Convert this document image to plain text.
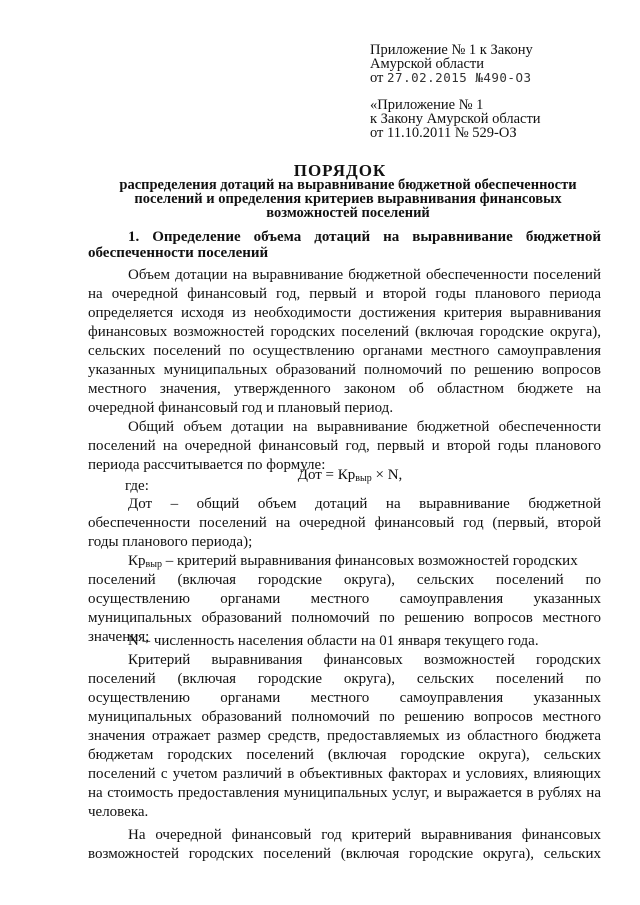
Приложение № 1 к Закону
Амурской области
от 27.02.2015 №490-ОЗ
«Приложение № 1
к Закону Амурской области
от 11.10.2011 № 529-ОЗ
ПОРЯДОК
распределения дотаций на выравнивание бюджетной обеспеченности
поселений и определения критериев выравнивания финансовых
возможностей поселений
1. Определение объема дотаций на выравнивание бюджетной
обеспеченности поселений
Объем дотации на выравнивание бюджетной обеспеченности поселений
на очередной финансовый год, первый и второй годы планового периода
определяется исходя из необходимости достижения критерия выравнивания
финансовых возможностей городских поселений (включая городские округа),
сельских поселений по осуществлению органами местного самоуправления
указанных муниципальных образований полномочий по решению вопросов
местного значения, утвержденного законом об областном бюджете на
очередной финансовый год и плановый период.
Общий объем дотации на выравнивание бюджетной обеспеченности
поселений на очередной финансовый год, первый и второй годы планового
периода рассчитывается по формуле:
Дот = $Кр_{выр} \times N$,
где:
Дот – общий объем дотаций на выравнивание бюджетной
обеспеченности поселений на очередной финансовый год (первый, второй
годы планового периода);
$Кр_{выр}$ – критерий выравнивания финансовых возможностей городских
поселений (включая городские округа), сельских поселений по
осуществлению органами местного самоуправления указанных
муниципальных образований полномочий по решению вопросов местного
значения;
N – численность населения области на 01 января текущего года.
Критерий выравнивания финансовых возможностей городских
поселений (включая городские округа), сельских поселений по
осуществлению органами местного самоуправления указанных
муниципальных образований полномочий по решению вопросов местного
значения отражает размер средств, предоставляемых из областного бюджета
бюджетам городских поселений (включая городские округа), сельских
поселений с учетом различий в объективных факторах и условиях, влияющих
на стоимость предоставления муниципальных услуг, и выражается в рублях на
человека.
На очередной финансовый год критерий выравнивания финансовых
возможностей городских поселений (включая городские округа), сельских
